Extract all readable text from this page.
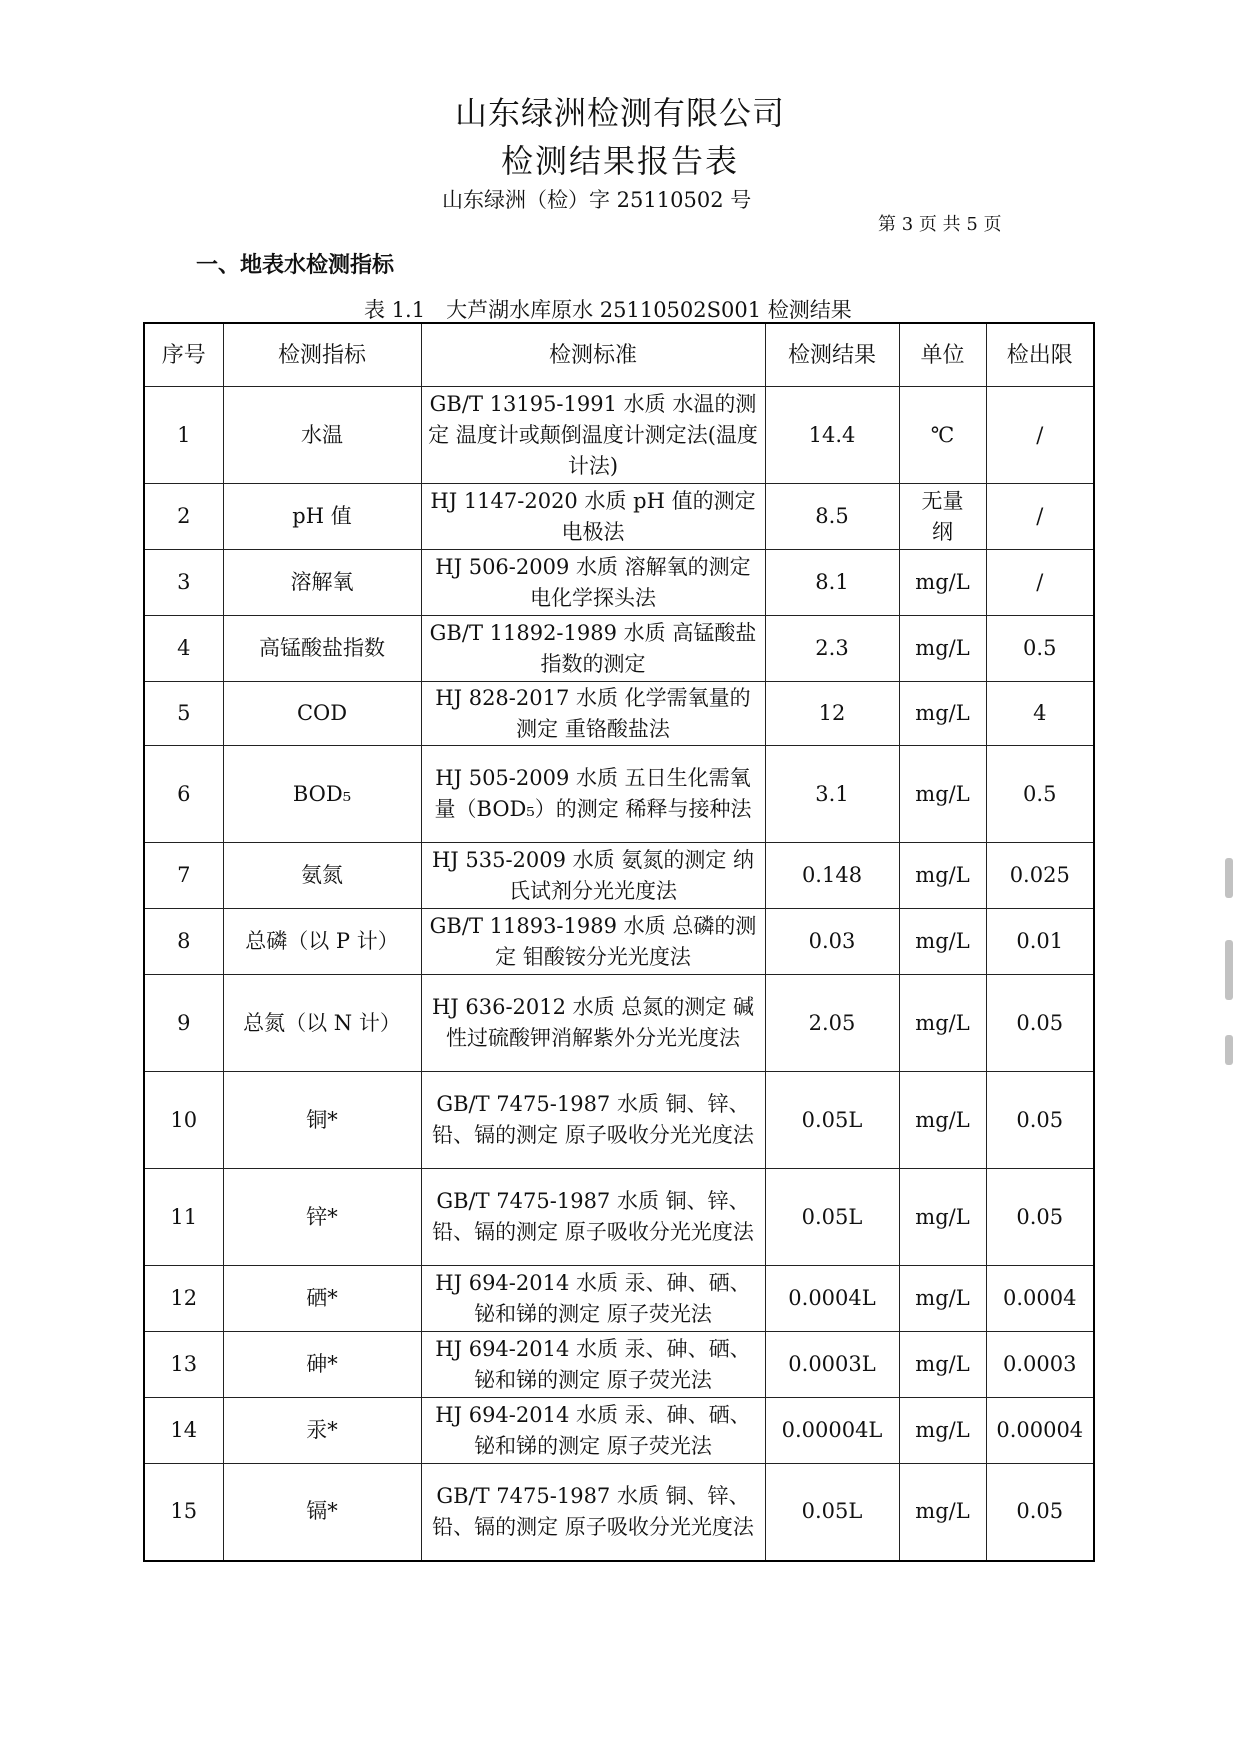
山东绿洲检测有限公司
检测结果报告表
山东绿洲（检）字 25110502 号
第 3 页 共 5 页
一、地表水检测指标
表 1.1　大芦湖水库原水 25110502S001 检测结果
序号	检测指标	检测标准	检测结果	单位	检出限
1	水温	GB/T 13195-1991 水质 水温的测定 温度计或颠倒温度计测定法(温度计法)	14.4	℃	/
2	pH 值	HJ 1147-2020 水质 pH 值的测定 电极法	8.5	无量纲	/
3	溶解氧	HJ 506-2009 水质 溶解氧的测定 电化学探头法	8.1	mg/L	/
4	高锰酸盐指数	GB/T 11892-1989 水质 高锰酸盐指数的测定	2.3	mg/L	0.5
5	COD	HJ 828-2017 水质 化学需氧量的测定 重铬酸盐法	12	mg/L	4
6	BOD₅	HJ 505-2009 水质 五日生化需氧量（BOD₅）的测定 稀释与接种法	3.1	mg/L	0.5
7	氨氮	HJ 535-2009 水质 氨氮的测定 纳氏试剂分光光度法	0.148	mg/L	0.025
8	总磷（以 P 计）	GB/T 11893-1989 水质 总磷的测定 钼酸铵分光光度法	0.03	mg/L	0.01
9	总氮（以 N 计）	HJ 636-2012 水质 总氮的测定 碱性过硫酸钾消解紫外分光光度法	2.05	mg/L	0.05
10	铜*	GB/T 7475-1987 水质 铜、锌、铅、镉的测定 原子吸收分光光度法	0.05L	mg/L	0.05
11	锌*	GB/T 7475-1987 水质 铜、锌、铅、镉的测定 原子吸收分光光度法	0.05L	mg/L	0.05
12	硒*	HJ 694-2014 水质 汞、砷、硒、铋和锑的测定 原子荧光法	0.0004L	mg/L	0.0004
13	砷*	HJ 694-2014 水质 汞、砷、硒、铋和锑的测定 原子荧光法	0.0003L	mg/L	0.0003
14	汞*	HJ 694-2014 水质 汞、砷、硒、铋和锑的测定 原子荧光法	0.00004L	mg/L	0.00004
15	镉*	GB/T 7475-1987 水质 铜、锌、铅、镉的测定 原子吸收分光光度法	0.05L	mg/L	0.05
